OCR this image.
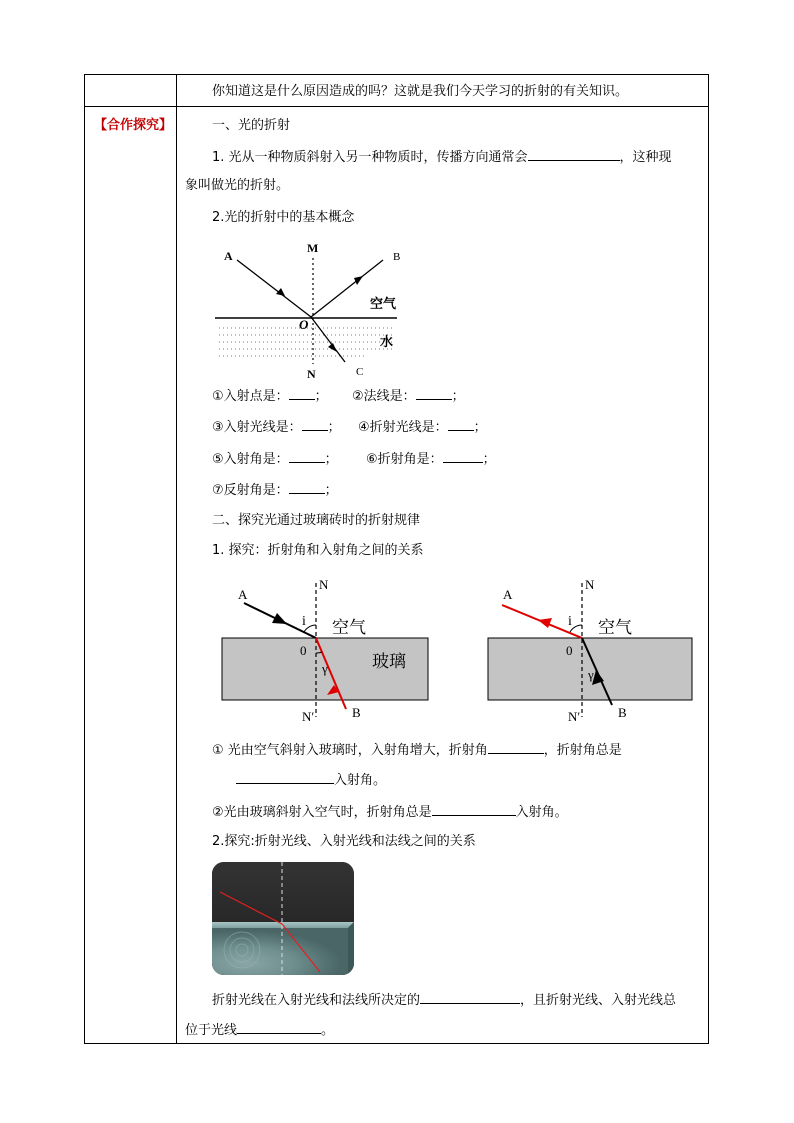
你知道这是什么原因造成的吗？这就是我们今天学习的折射的有关知识。
【合作探究】	一、光的折射
1. 光从一种物质斜射入另一种物质时，传播方向通常会	，这种现
象叫做光的折射。
2.光的折射中的基本概念
A
M
B
空气
O
水
N	C
①入射点是： ； ②法线是：	；
③入射光线是： ； ④折射光线是： ；
⑤入射角是：	； ⑥折射角是：	；
⑦反射角是：	；
二、探究光通过玻璃砖时的折射规律
1. 探究：折射角和入射角之间的关系
A
N
i 空气
0
玻璃
γ
N′	B
A
N
i 空气
0
γ
N′	B
① 光由空气斜射入玻璃时，入射角增大，折射角	，折射角总是
入射角。
②光由玻璃斜射入空气时，折射角总是	入射角。
2.探究:折射光线、入射光线和法线之间的关系
折射光线在入射光线和法线所决定的	，且折射光线、入射光线总
位于光线	。
